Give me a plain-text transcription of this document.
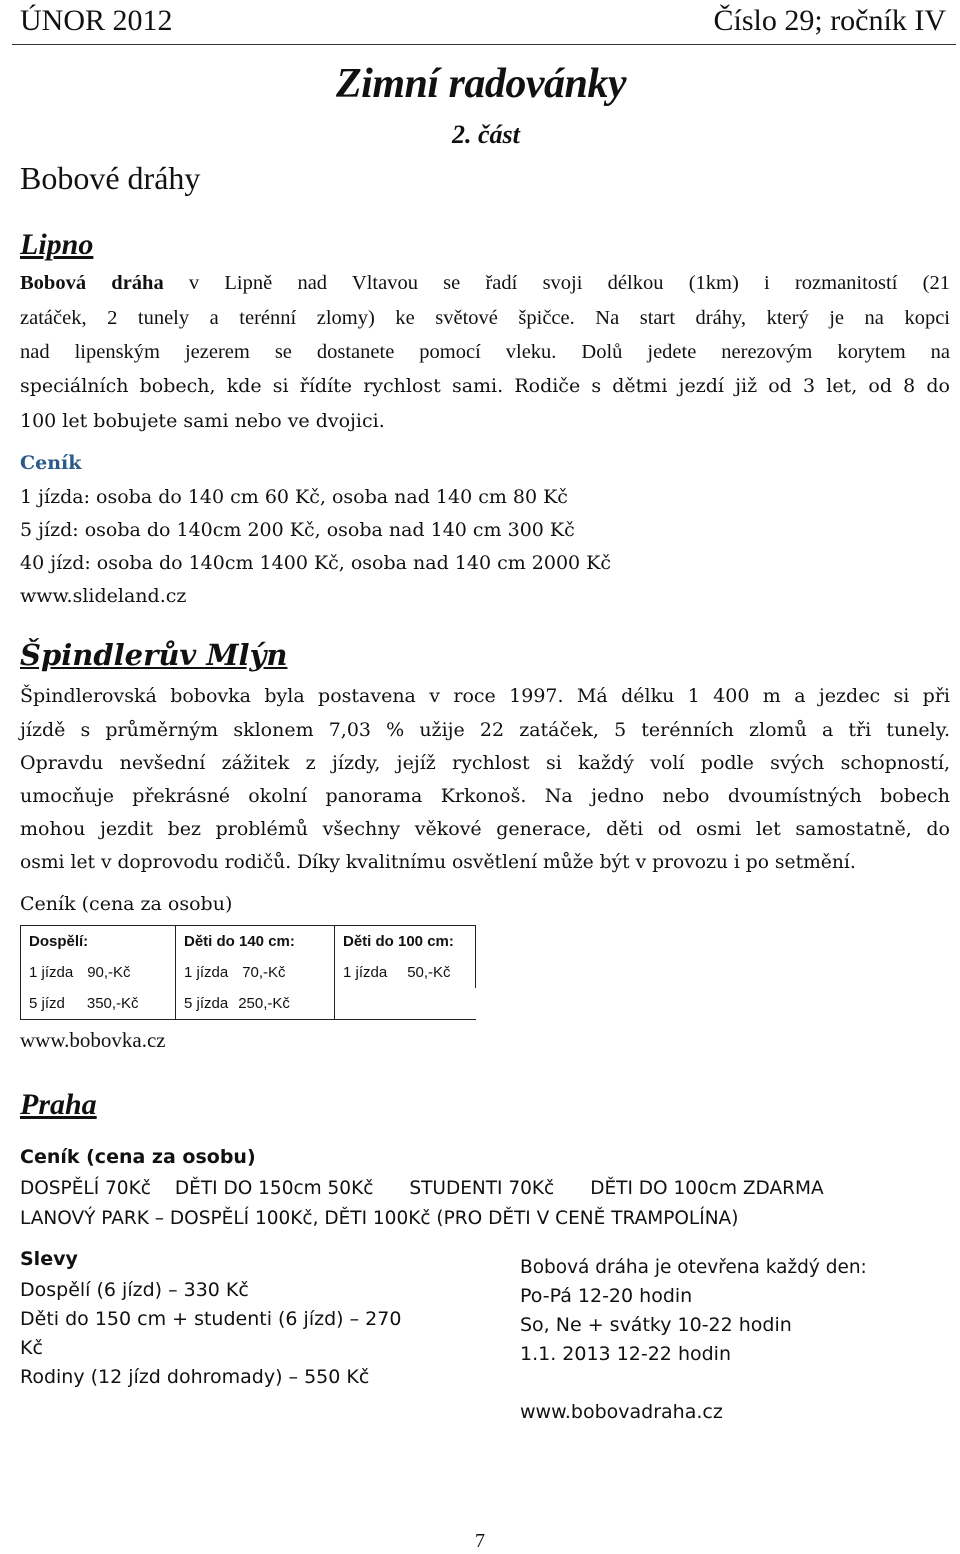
ÚNOR 2012	Číslo 29; ročník IV
Zimní radovánky
2. část
Bobové dráhy
Lipno
Bobová dráha v Lipně nad Vltavou se řadí svoji délkou (1km) i rozmanitostí (21
zatáček, 2 tunely a terénní zlomy) ke světové špičce. Na start dráhy, který je na kopci
nad lipenským jezerem se dostanete pomocí vleku. Dolů jedete nerezovým korytem na
speciálních bobech, kde si řídíte rychlost sami. Rodiče s dětmi jezdí již od 3 let, od 8 do
100 let bobujete sami nebo ve dvojici.
Ceník
1 jízda: osoba do 140 cm 60 Kč, osoba nad 140 cm 80 Kč
5 jízd: osoba do 140cm 200 Kč, osoba nad 140 cm 300 Kč
40 jízd: osoba do 140cm 1400 Kč, osoba nad 140 cm 2000 Kč
www.slideland.cz
Špindlerův Mlýn
Špindlerovská bobovka byla postavena v roce 1997. Má délku 1 400 m a jezdec si při
jízdě s průměrným sklonem 7,03 % užije 22 zatáček, 5 terénních zlomů a tři tunely.
Opravdu nevšední zážitek z jízdy, jejíž rychlost si každý volí podle svých schopností,
umocňuje překrásné okolní panorama Krkonoš. Na jedno nebo dvoumístných bobech
mohou jezdit bez problémů všechny věkové generace, děti od osmi let samostatně, do
osmi let v doprovodu rodičů. Díky kvalitnímu osvětlení může být v provozu i po setmění.
Ceník (cena za osobu)
Dospělí:	Děti do 140 cm:	Děti do 100 cm:
1 jízda 90,-Kč	1 jízda 70,-Kč	1 jízda 50,-Kč
5 jízd 350,-Kč	5 jízda 250,-Kč	
www.bobovka.cz
Praha
Ceník (cena za osobu)
DOSPĚLÍ 70Kč DĚTI DO 150cm 50Kč STUDENTI 70Kč DĚTI DO 100cm ZDARMA
LANOVÝ PARK – DOSPĚLÍ 100Kč, DĚTI 100Kč (PRO DĚTI V CENĚ TRAMPOLÍNA)
Slevy
Dospělí (6 jízd) – 330 Kč
Děti do 150 cm + studenti (6 jízd) – 270
Kč
Rodiny (12 jízd dohromady) – 550 Kč
Bobová dráha je otevřena každý den:
Po-Pá 12-20 hodin
So, Ne + svátky 10-22 hodin
1.1. 2013 12-22 hodin
www.bobovadraha.cz
7
